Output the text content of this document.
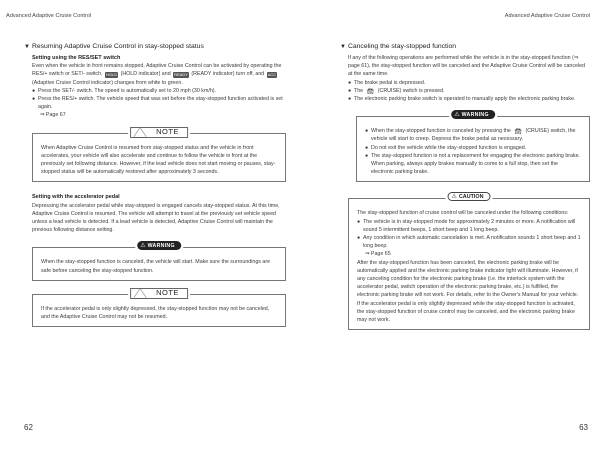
Advanced Adaptive Cruise Control
▼ Resuming Adaptive Cruise Control in stay-stopped status
Setting using the RES/SET switch
Even when the vehicle in front remains stopped, Adaptive Cruise Control can be activated by operating the RES/+ switch or SET/- switch. HOLD (HOLD indicator) and READY (READY indicator) turn off, and ACC (Adaptive Cruise Control indicator) changes from white to green.
● Press the SET/- switch. The speed is automatically set to 20 mph (30 km/h).
● Press the RES/+ switch. The vehicle speed that was set before the stay-stopped function activated is set again.
⇒ Page 67
NOTE
When Adaptive Cruise Control is resumed from stay-stopped status and the vehicle in front accelerates, your vehicle will also accelerate and continue to follow the vehicle in front at the previously set following distance. However, if the lead vehicle does not start moving or pauses, stay-stopped status will be automatically restored after approximately 3 seconds.
Setting with the accelerator pedal
Depressing the accelerator pedal while stay-stopped is engaged cancels stay-stopped status. At this time, Adaptive Cruise Control is resumed. The vehicle will attempt to travel at the previously set vehicle speed unless a lead vehicle is detected. If a lead vehicle is detected, Adaptive Cruise Control will maintain the previous following distance setting.
⚠ WARNING
When the stay-stopped function is canceled, the vehicle will start. Make sure the surroundings are safe before canceling the stay-stopped function.
NOTE
If the accelerator pedal is only slightly depressed, the stay-stopped function may not be canceled, and the Adaptive Cruise Control may not be resumed.
62
Advanced Adaptive Cruise Control
▼ Canceling the stay-stopped function
If any of the following operations are performed while the vehicle is in the stay-stopped function (⇒ page 61), the stay-stopped function will be canceled and the Adaptive Cruise Control will be canceled at the same time.
● The brake pedal is depressed.
● The 🚘︎ (CRUISE) switch is pressed.
● The electronic parking brake switch is operated to manually apply the electronic parking brake.
⚠ WARNING
● When the stay-stopped function is canceled by pressing the 🚘︎ (CRUISE) switch, the vehicle will start to creep. Depress the brake pedal as necessary.
● Do not exit the vehicle while the stay-stopped function is engaged.
● The stay-stopped function is not a replacement for engaging the electronic parking brake. When parking, always apply brakes manually to come to a full stop, then set the electronic parking brake.
⚠ CAUTION
The stay-stopped function of cruise control will be canceled under the following conditions:
● The vehicle is in stay-stopped mode for approximately 2 minutes or more. A notification will sound 5 intermittent beeps, 1 short beep and 1 long beep.
● Any condition in which automatic cancelation is met. A notification sounds 1 short beep and 1 long beep.
⇒ Page 65
After the stay-stopped function has been canceled, the electronic parking brake will be automatically applied and the electronic parking brake indicator light will illuminate. However, if any canceling condition for the electronic parking brake (i.e. the interlock system with the accelerator pedal, switch operation of the electronic parking brake, etc.) is fulfilled, the electronic parking brake will not work. For details, refer to the Owner's Manual for your vehicle.
If the accelerator pedal is only slightly depressed while the stay-stopped function is activated, the stay-stopped function of cruise control may be canceled, and the electronic parking brake may not work.
63
